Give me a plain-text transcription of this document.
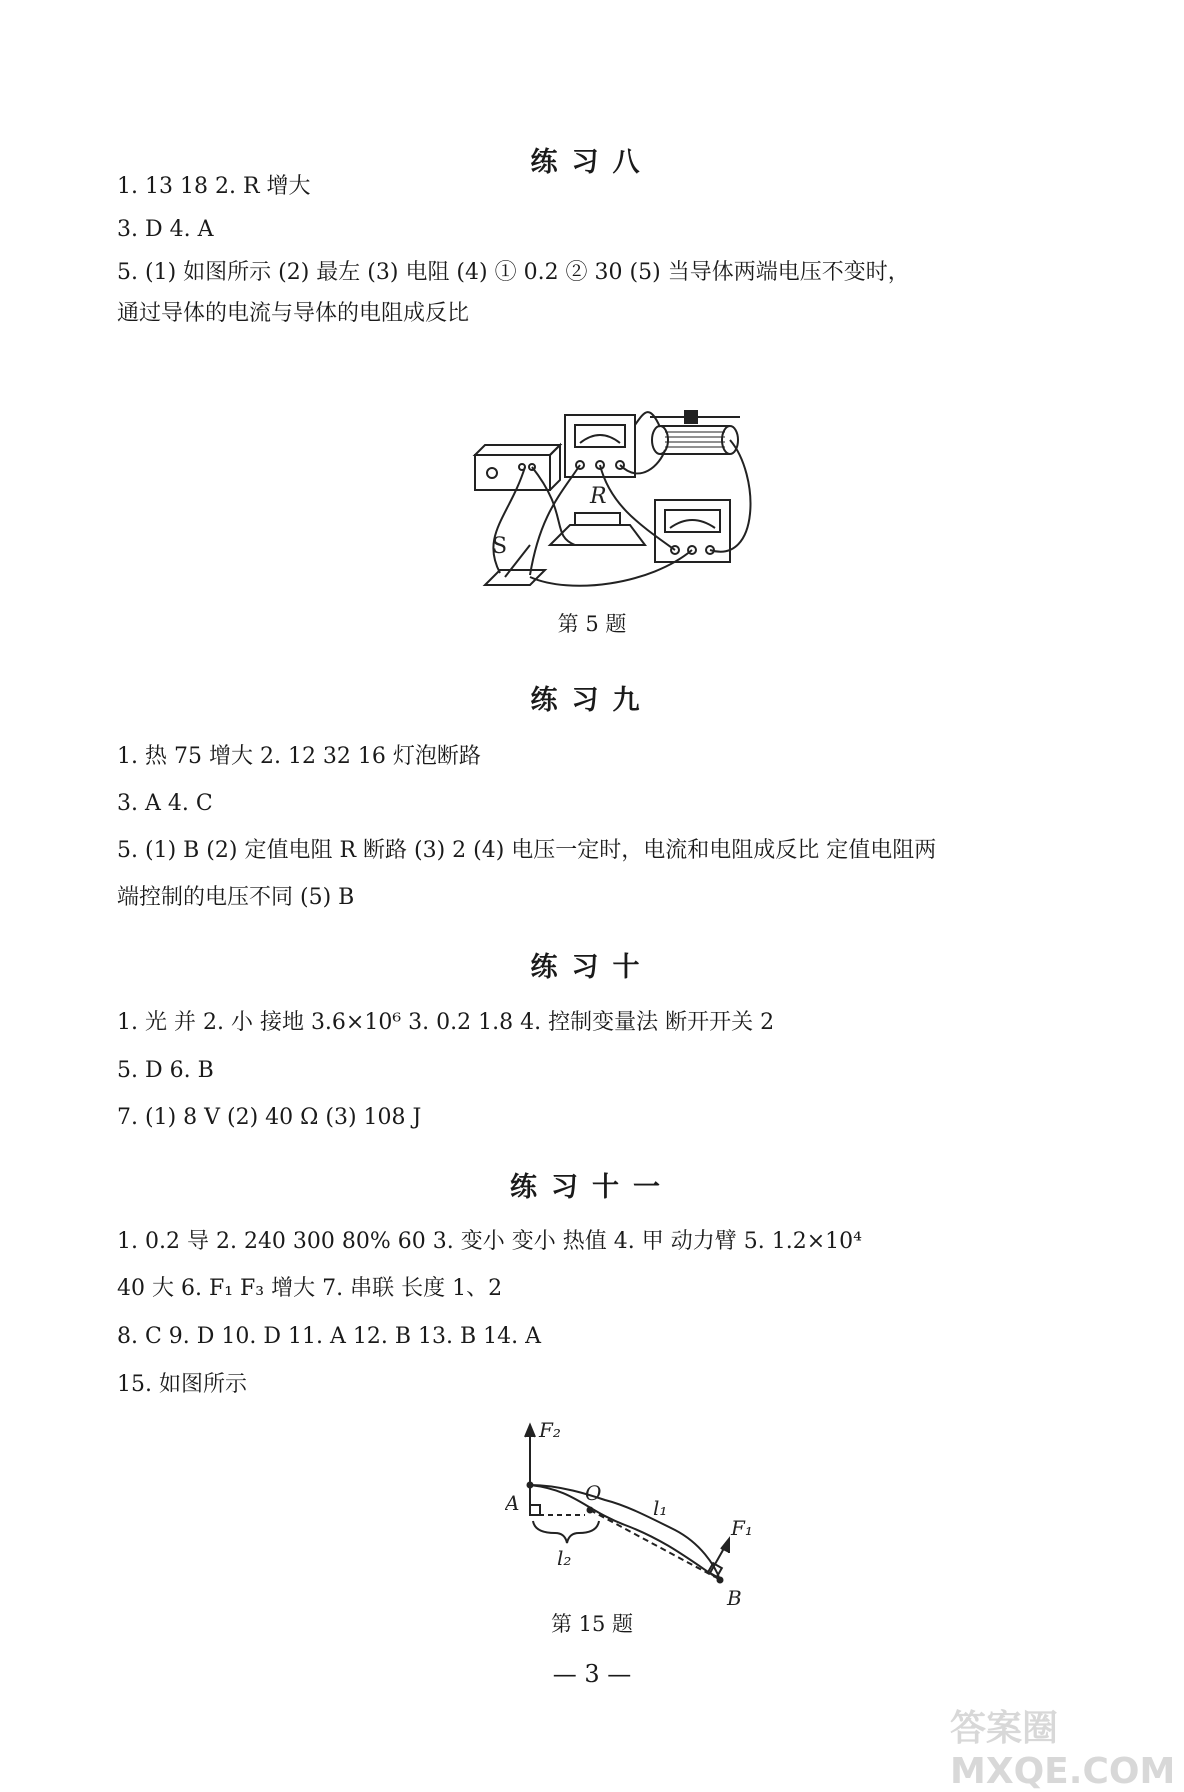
练习八
1. 13 18 2. R 增大
3. D 4. A
5. (1) 如图所示 (2) 最左 (3) 电阻 (4) ① 0.2 ② 30 (5) 当导体两端电压不变时，
通过导体的电流与导体的电阻成反比
R
S
第 5 题
练习九
1. 热 75 增大 2. 12 32 16 灯泡断路
3. A 4. C
5. (1) B (2) 定值电阻 R 断路 (3) 2 (4) 电压一定时，电流和电阻成反比 定值电阻两
端控制的电压不同 (5) B
练习十
1. 光 并 2. 小 接地 3.6×10⁶ 3. 0.2 1.8 4. 控制变量法 断开开关 2
5. D 6. B
7. (1) 8 V (2) 40 Ω (3) 108 J
练习十一
1. 0.2 导 2. 240 300 80% 60 3. 变小 变小 热值 4. 甲 动力臂 5. 1.2×10⁴
40 大 6. F₁ F₃ 增大 7. 串联 长度 1、2
8. C 9. D 10. D 11. A 12. B 13. B 14. A
15. 如图所示
F₂
A	O
l₁
l₂
F₁
B
第 15 题
— 3 —
答案圈 MXQE.COM
